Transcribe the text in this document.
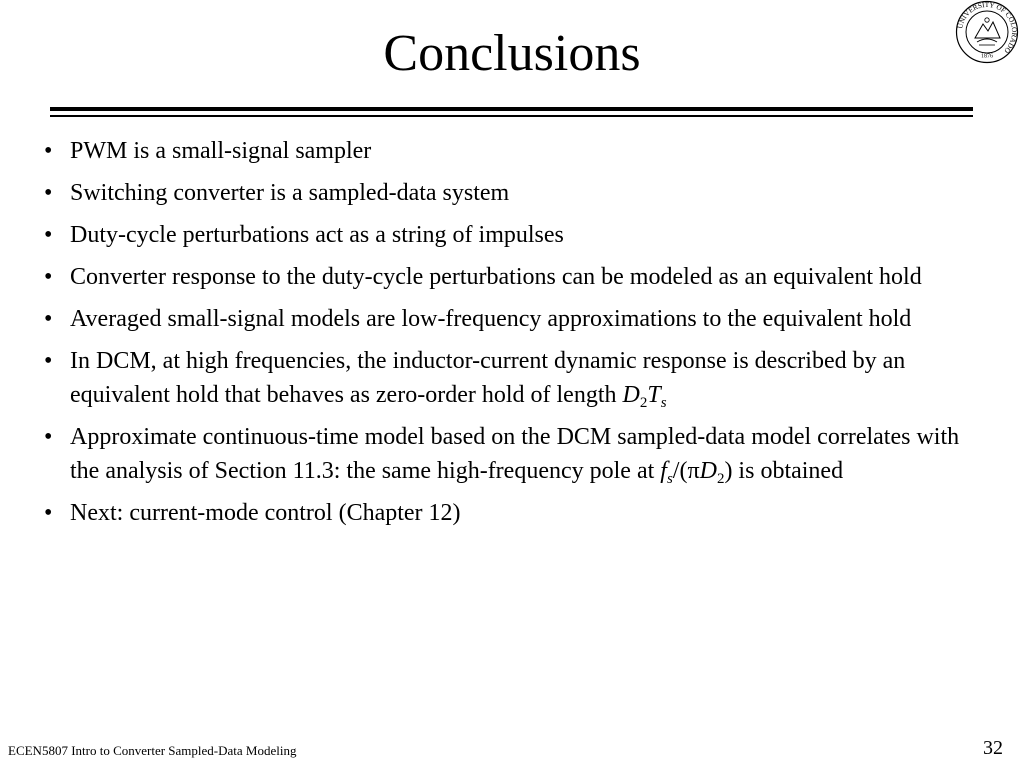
Conclusions	UNIVERSITY OF COLORADO
1876
• PWM is a small-signal sampler
• Switching converter is a sampled-data system
• Duty-cycle perturbations act as a string of impulses
• Converter response to the duty-cycle perturbations can be modeled as an equivalent hold
• Averaged small-signal models are low-frequency approximations to the equivalent hold
• In DCM, at high frequencies, the inductor-current dynamic response is described by an equivalent hold that behaves as zero-order hold of length $D_2T_s$
• Approximate continuous-time model based on the DCM sampled-data model correlates with the analysis of Section 11.3: the same high-frequency pole at $f_s/(\pi D_2)$ is obtained
• Next: current-mode control (Chapter 12)
ECEN5807 Intro to Converter Sampled-Data Modeling	32
